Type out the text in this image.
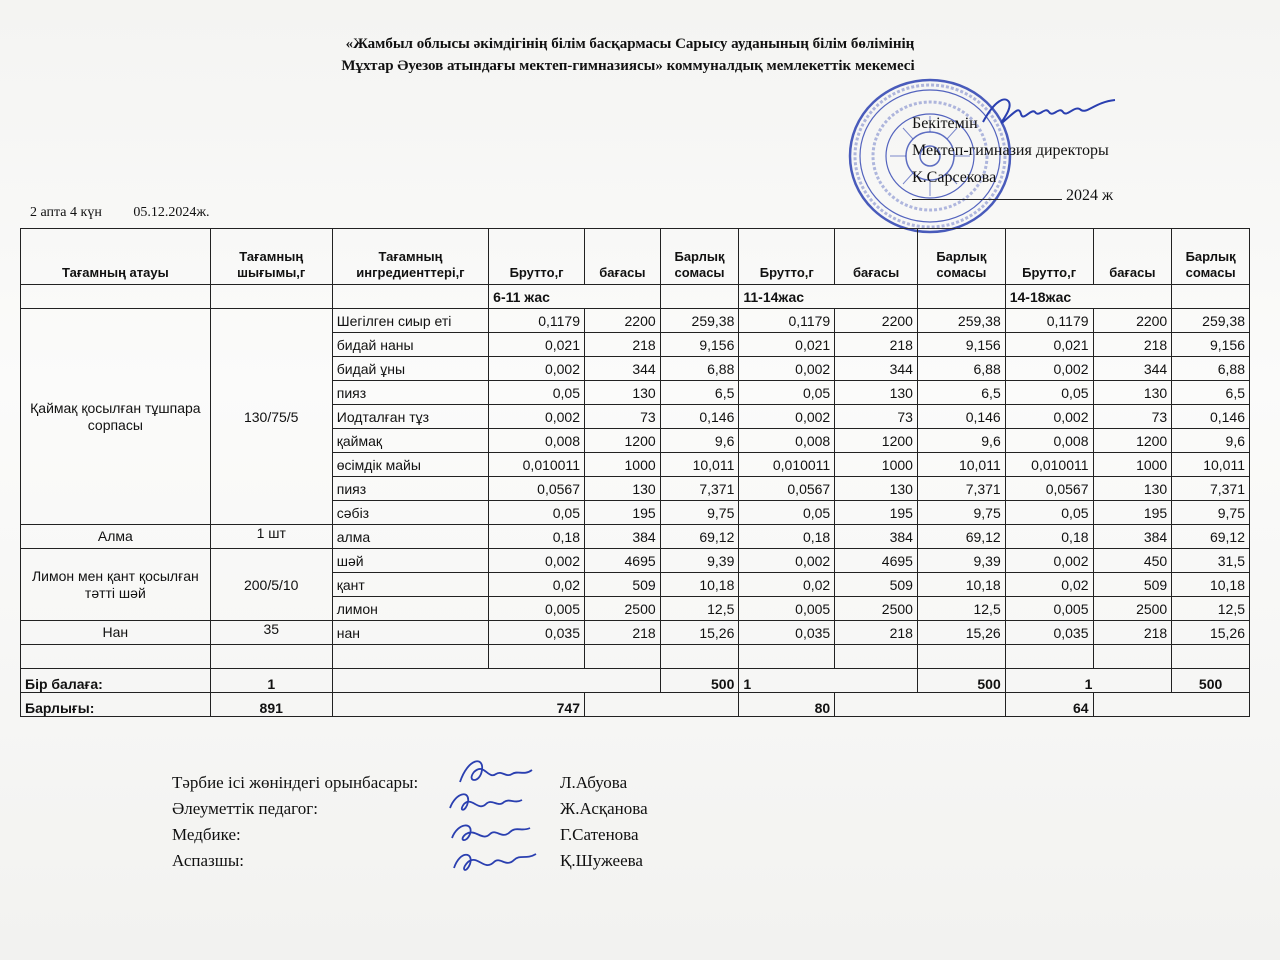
«Жамбыл облысы әкімдігінің білім басқармасы Сарысу ауданының білім бөлімінің
Мұхтар Әуезов атындағы мектеп-гимназиясы» коммуналдық мемлекеттік мекемесі
Бекітемін
Мектеп-гимназия директоры
К.Сарсекова
2024 ж
2 апта 4 күн 05.12.2024ж.
Тағамның атауы	Тағамның шығымы,г	Тағамның ингредиенттері,г	Брутто,г	бағасы	Барлық сомасы	Брутто,г	бағасы	Барлық сомасы	Брутто,г	бағасы	Барлық сомасы
			6-11 жас			11-14жас			14-18жас		
Қаймақ қосылған тұшпара сорпасы	130/75/5	Шегілген сиыр еті	0,1179	2200	259,38	0,1179	2200	259,38	0,1179	2200	259,38
		бидай наны	0,021	218	9,156	0,021	218	9,156	0,021	218	9,156
		бидай ұны	0,002	344	6,88	0,002	344	6,88	0,002	344	6,88
		пияз	0,05	130	6,5	0,05	130	6,5	0,05	130	6,5
		Иодталған тұз	0,002	73	0,146	0,002	73	0,146	0,002	73	0,146
		қаймақ	0,008	1200	9,6	0,008	1200	9,6	0,008	1200	9,6
		өсімдік майы	0,010011	1000	10,011	0,010011	1000	10,011	0,010011	1000	10,011
		пияз	0,0567	130	7,371	0,0567	130	7,371	0,0567	130	7,371
		сәбіз	0,05	195	9,75	0,05	195	9,75	0,05	195	9,75
Алма	1 шт	алма	0,18	384	69,12	0,18	384	69,12	0,18	384	69,12
Лимон мен қант қосылған тәтті шәй	200/5/10	шәй	0,002	4695	9,39	0,002	4695	9,39	0,002	450	31,5
		қант	0,02	509	10,18	0,02	509	10,18	0,02	509	10,18
		лимон	0,005	2500	12,5	0,005	2500	12,5	0,005	2500	12,5
Нан	35	нан	0,035	218	15,26	0,035	218	15,26	0,035	218	15,26

Бір балаға:	1				500	1		500	1		500
Барлығы:	891	747				80			64		
Тәрбие ісі жөніндегі орынбасары:	Л.Абуова
Әлеуметтік педагог:	Ж.Асқанова
Медбике:	Г.Сатенова
Аспазшы:	Қ.Шужеева
